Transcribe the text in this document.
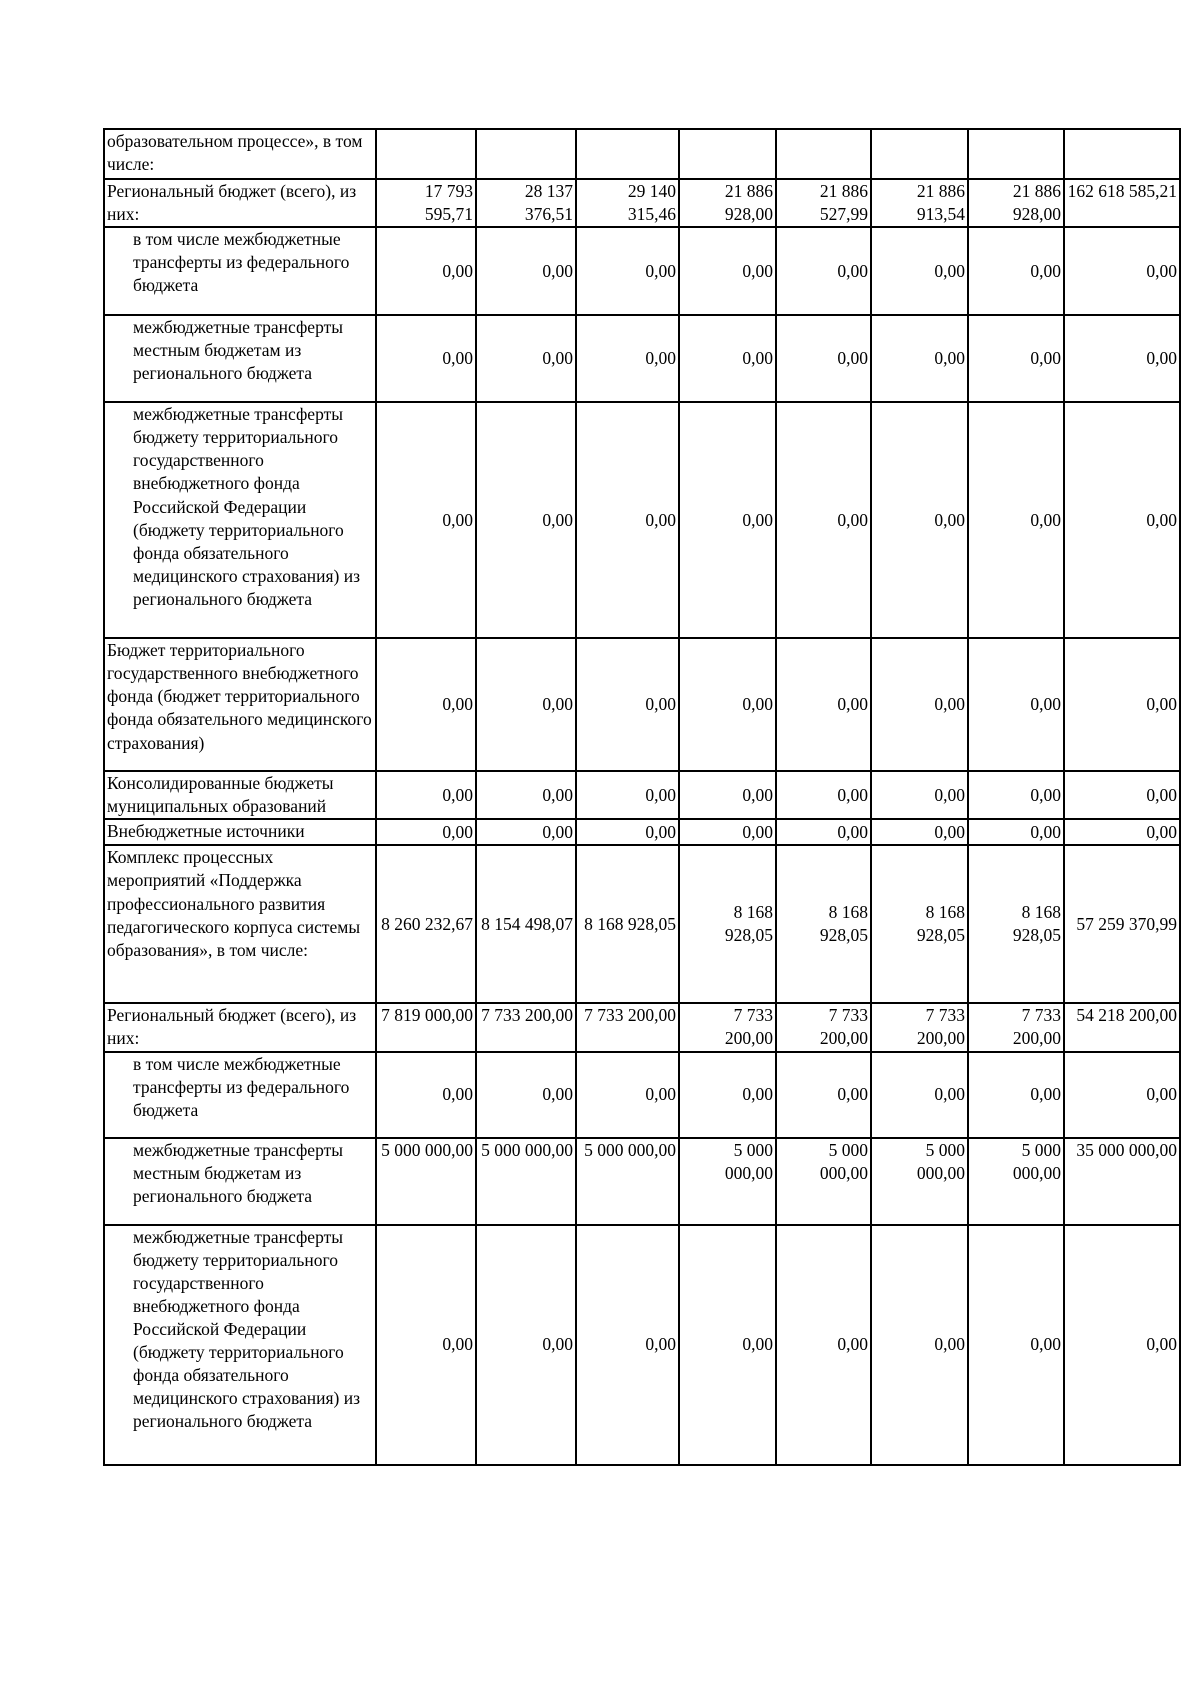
образовательном процессе», в том числе:								
Региональный бюджет (всего), из них:	17 793 595,71	28 137 376,51	29 140 315,46	21 886 928,00	21 886 527,99	21 886 913,54	21 886 928,00	162 618 585,21
в том числе межбюджетные трансферты из федерального бюджета	0,00	0,00	0,00	0,00	0,00	0,00	0,00	0,00
межбюджетные трансферты местным бюджетам из регионального бюджета	0,00	0,00	0,00	0,00	0,00	0,00	0,00	0,00
межбюджетные трансферты бюджету территориального государственного внебюджетного фонда Российской Федерации (бюджету территориального фонда обязательного медицинского страхования) из регионального бюджета	0,00	0,00	0,00	0,00	0,00	0,00	0,00	0,00
Бюджет территориального государственного внебюджетного фонда (бюджет территориального фонда обязательного медицинского страхования)	0,00	0,00	0,00	0,00	0,00	0,00	0,00	0,00
Консолидированные бюджеты муниципальных образований	0,00	0,00	0,00	0,00	0,00	0,00	0,00	0,00
Внебюджетные источники	0,00	0,00	0,00	0,00	0,00	0,00	0,00	0,00
Комплекс процессных мероприятий «Поддержка профессионального развития педагогического корпуса системы образования», в том числе:	8 260 232,67	8 154 498,07	8 168 928,05	8 168 928,05	8 168 928,05	8 168 928,05	8 168 928,05	57 259 370,99
Региональный бюджет (всего), из них:	7 819 000,00	7 733 200,00	7 733 200,00	7 733 200,00	7 733 200,00	7 733 200,00	7 733 200,00	54 218 200,00
в том числе межбюджетные трансферты из федерального бюджета	0,00	0,00	0,00	0,00	0,00	0,00	0,00	0,00
межбюджетные трансферты местным бюджетам из регионального бюджета	5 000 000,00	5 000 000,00	5 000 000,00	5 000 000,00	5 000 000,00	5 000 000,00	5 000 000,00	35 000 000,00
межбюджетные трансферты бюджету территориального государственного внебюджетного фонда Российской Федерации (бюджету территориального фонда обязательного медицинского страхования) из регионального бюджета	0,00	0,00	0,00	0,00	0,00	0,00	0,00	0,00
